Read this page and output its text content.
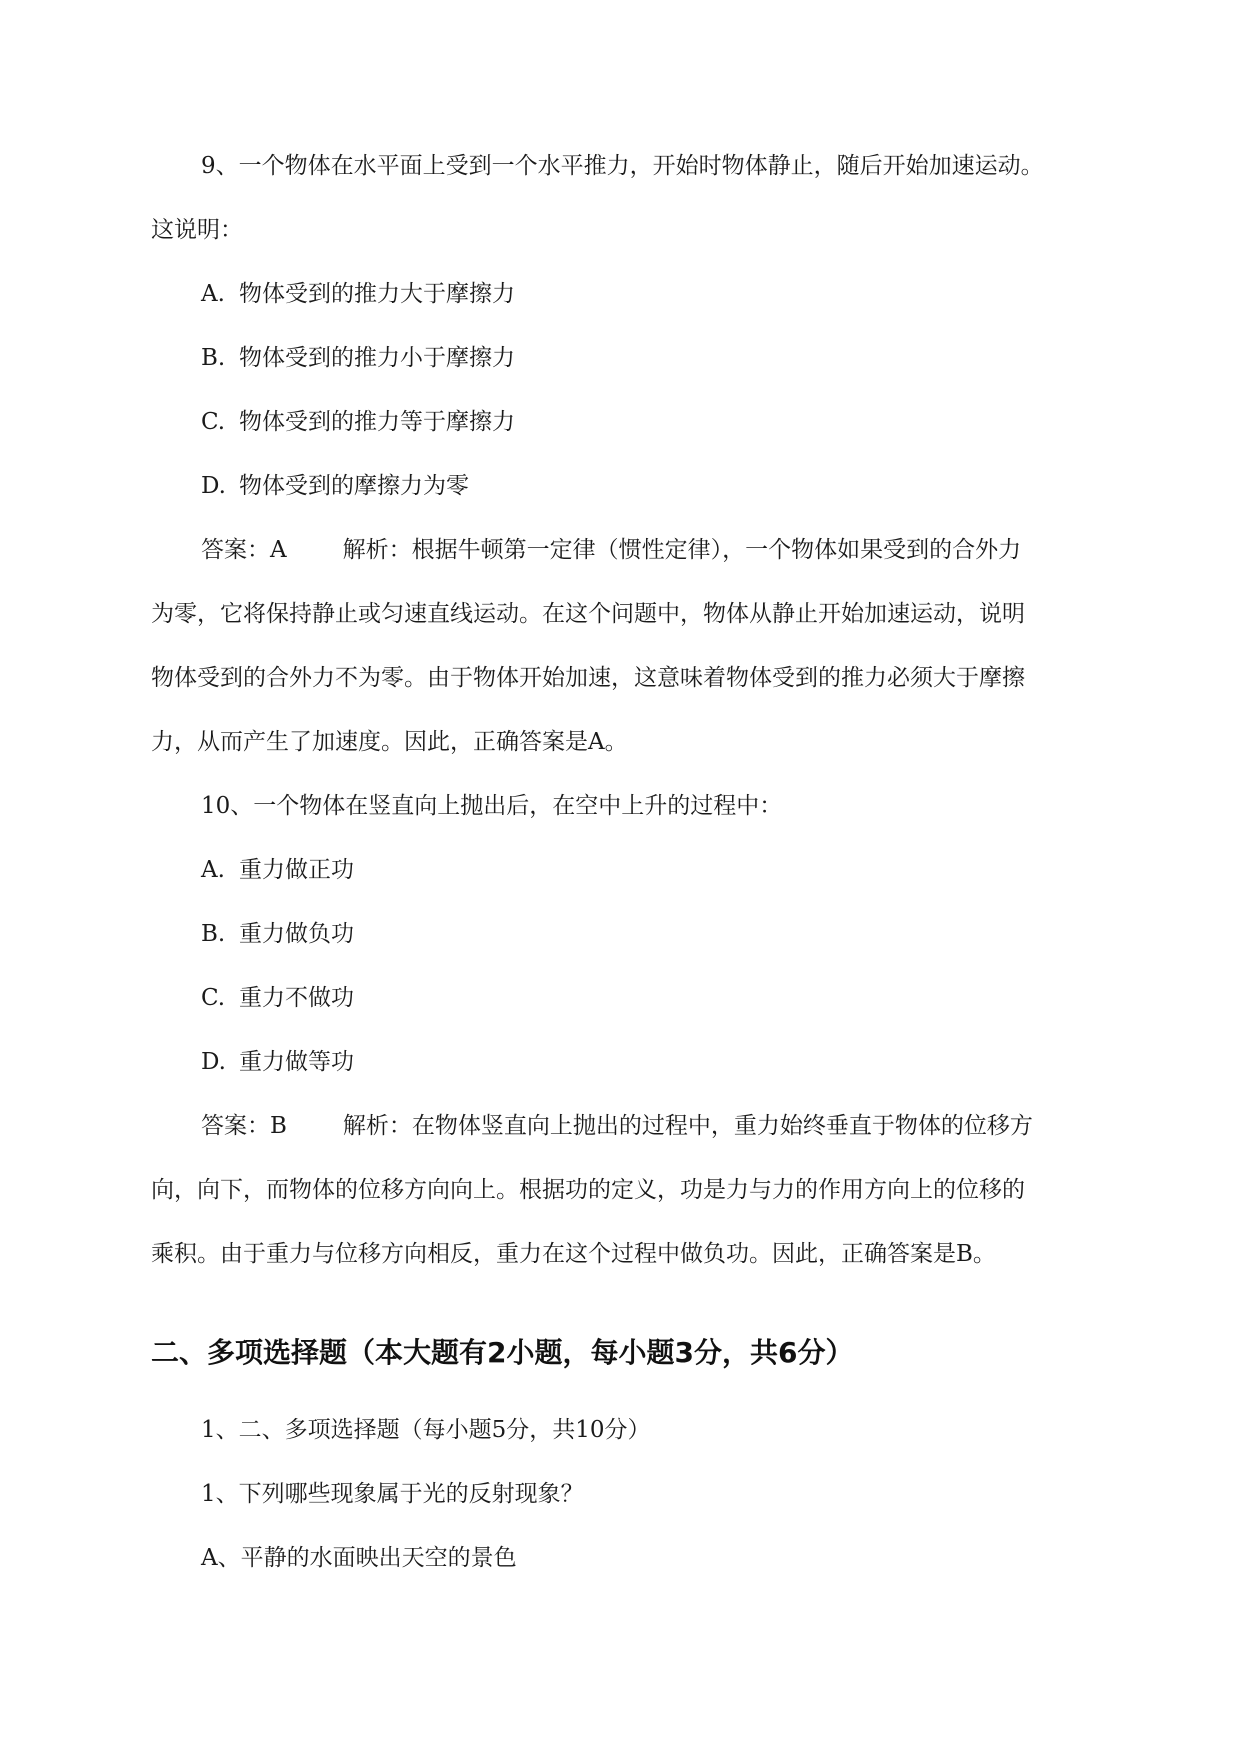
9、一个物体在水平面上受到一个水平推力，开始时物体静止，随后开始加速运动。
这说明：
A. 物体受到的推力大于摩擦力
B. 物体受到的推力小于摩擦力
C. 物体受到的推力等于摩擦力
D. 物体受到的摩擦力为零
答案：A 解析：根据牛顿第一定律（惯性定律），一个物体如果受到的合外力
为零，它将保持静止或匀速直线运动。在这个问题中，物体从静止开始加速运动，说明
物体受到的合外力不为零。由于物体开始加速，这意味着物体受到的推力必须大于摩擦
力，从而产生了加速度。因此，正确答案是A。
10、一个物体在竖直向上抛出后，在空中上升的过程中：
A. 重力做正功
B. 重力做负功
C. 重力不做功
D. 重力做等功
答案：B 解析：在物体竖直向上抛出的过程中，重力始终垂直于物体的位移方
向，向下，而物体的位移方向向上。根据功的定义，功是力与力的作用方向上的位移的
乘积。由于重力与位移方向相反，重力在这个过程中做负功。因此，正确答案是B。
二、多项选择题（本大题有2小题，每小题3分，共6分）
1、二、多项选择题（每小题5分，共10分）
1、下列哪些现象属于光的反射现象？
A、平静的水面映出天空的景色
